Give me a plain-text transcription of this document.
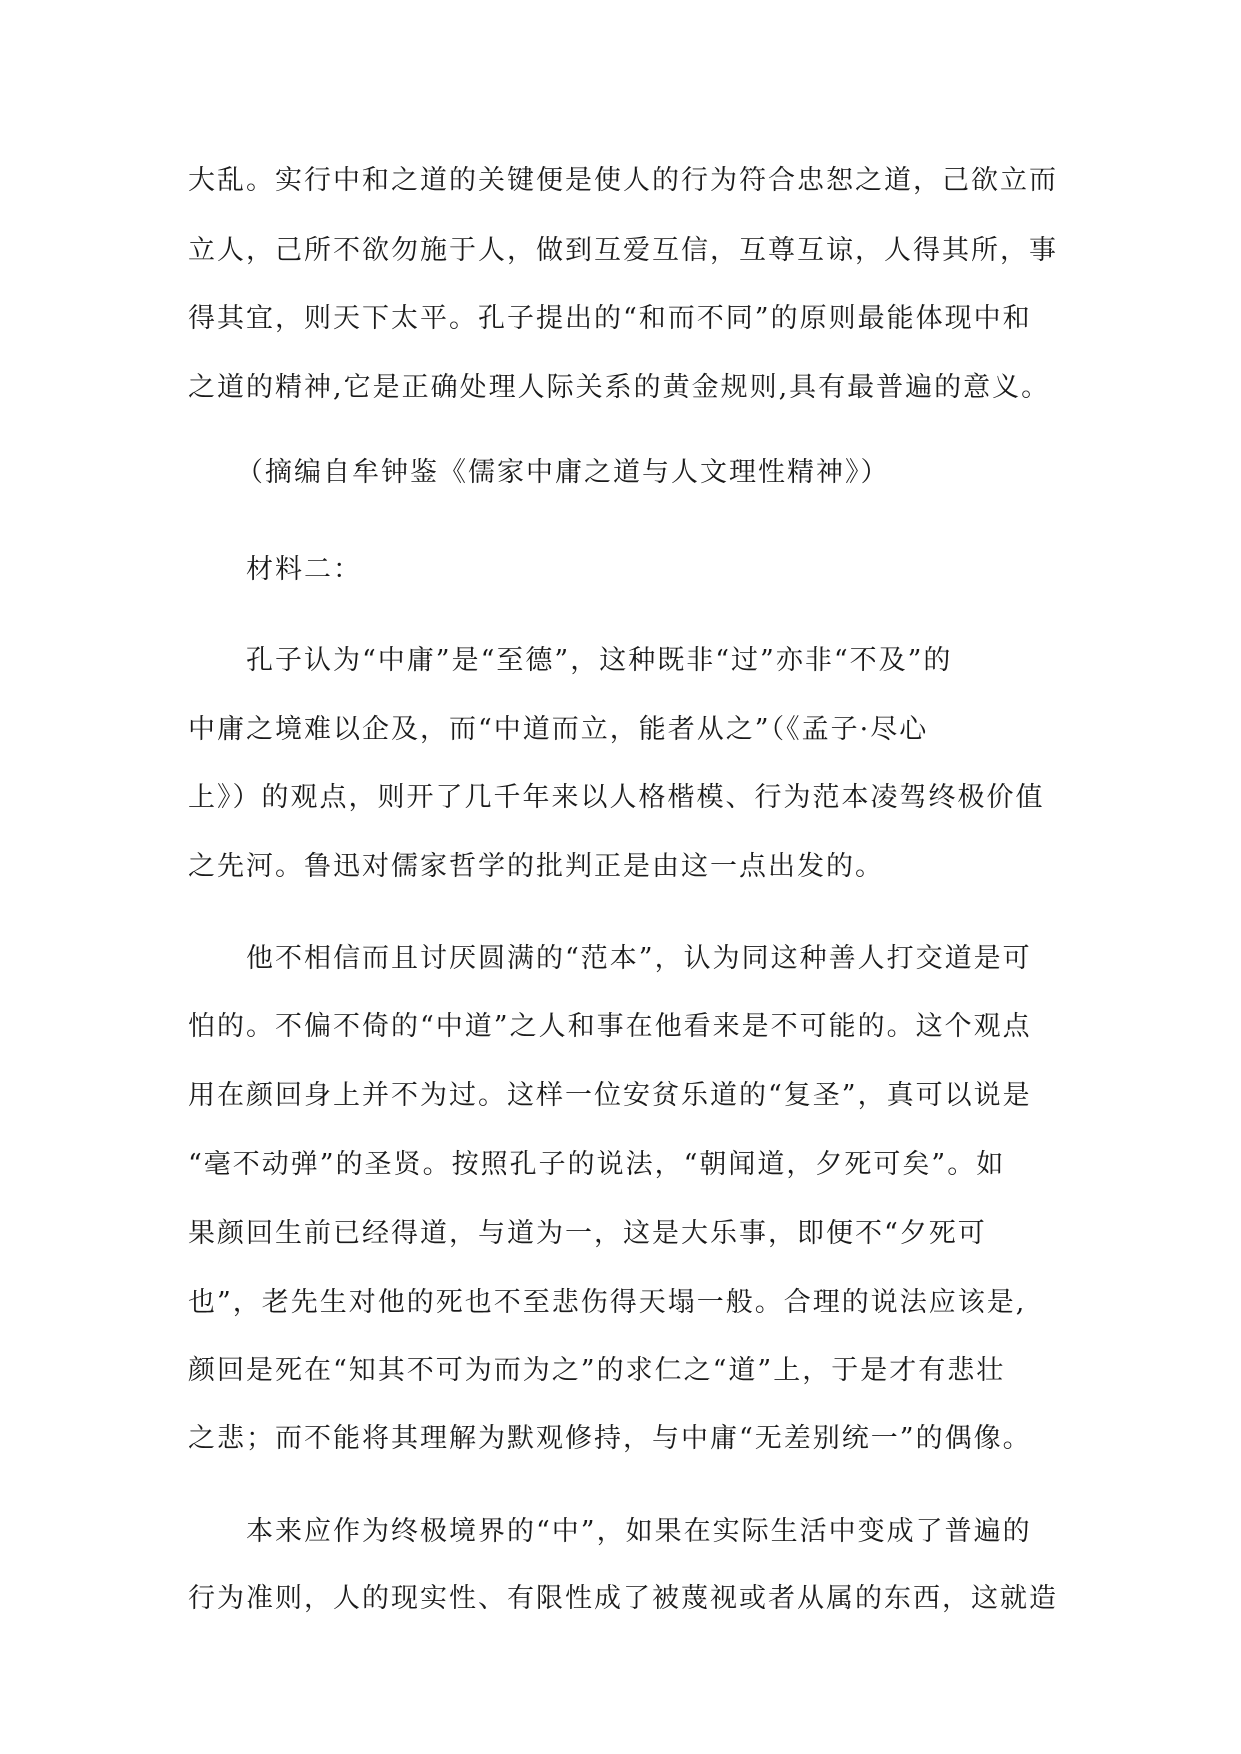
大乱。实行中和之道的关键便是使人的行为符合忠恕之道，己欲立而
立人，己所不欲勿施于人，做到互爱互信，互尊互谅，人得其所，事
得其宜，则天下太平。孔子提出的“和而不同”的原则最能体现中和
之道的精神,它是正确处理人际关系的黄金规则,具有最普遍的意义。
（摘编自牟钟鉴《儒家中庸之道与人文理性精神》）
材料二：
孔子认为“中庸”是“至德”，这种既非“过”亦非“不及”的
中庸之境难以企及，而“中道而立，能者从之”（《孟子·尽心
上》）的观点，则开了几千年来以人格楷模、行为范本凌驾终极价值
之先河。鲁迅对儒家哲学的批判正是由这一点出发的。
他不相信而且讨厌圆满的“范本”，认为同这种善人打交道是可
怕的。不偏不倚的“中道”之人和事在他看来是不可能的。这个观点
用在颜回身上并不为过。这样一位安贫乐道的“复圣”，真可以说是
“毫不动弹”的圣贤。按照孔子的说法，“朝闻道，夕死可矣”。如
果颜回生前已经得道，与道为一，这是大乐事，即便不“夕死可
也”，老先生对他的死也不至悲伤得天塌一般。合理的说法应该是,
颜回是死在“知其不可为而为之”的求仁之“道”上，于是才有悲壮
之悲；而不能将其理解为默观修持，与中庸“无差别统一”的偶像。
本来应作为终极境界的“中”，如果在实际生活中变成了普遍的
行为准则，人的现实性、有限性成了被蔑视或者从属的东西，这就造
